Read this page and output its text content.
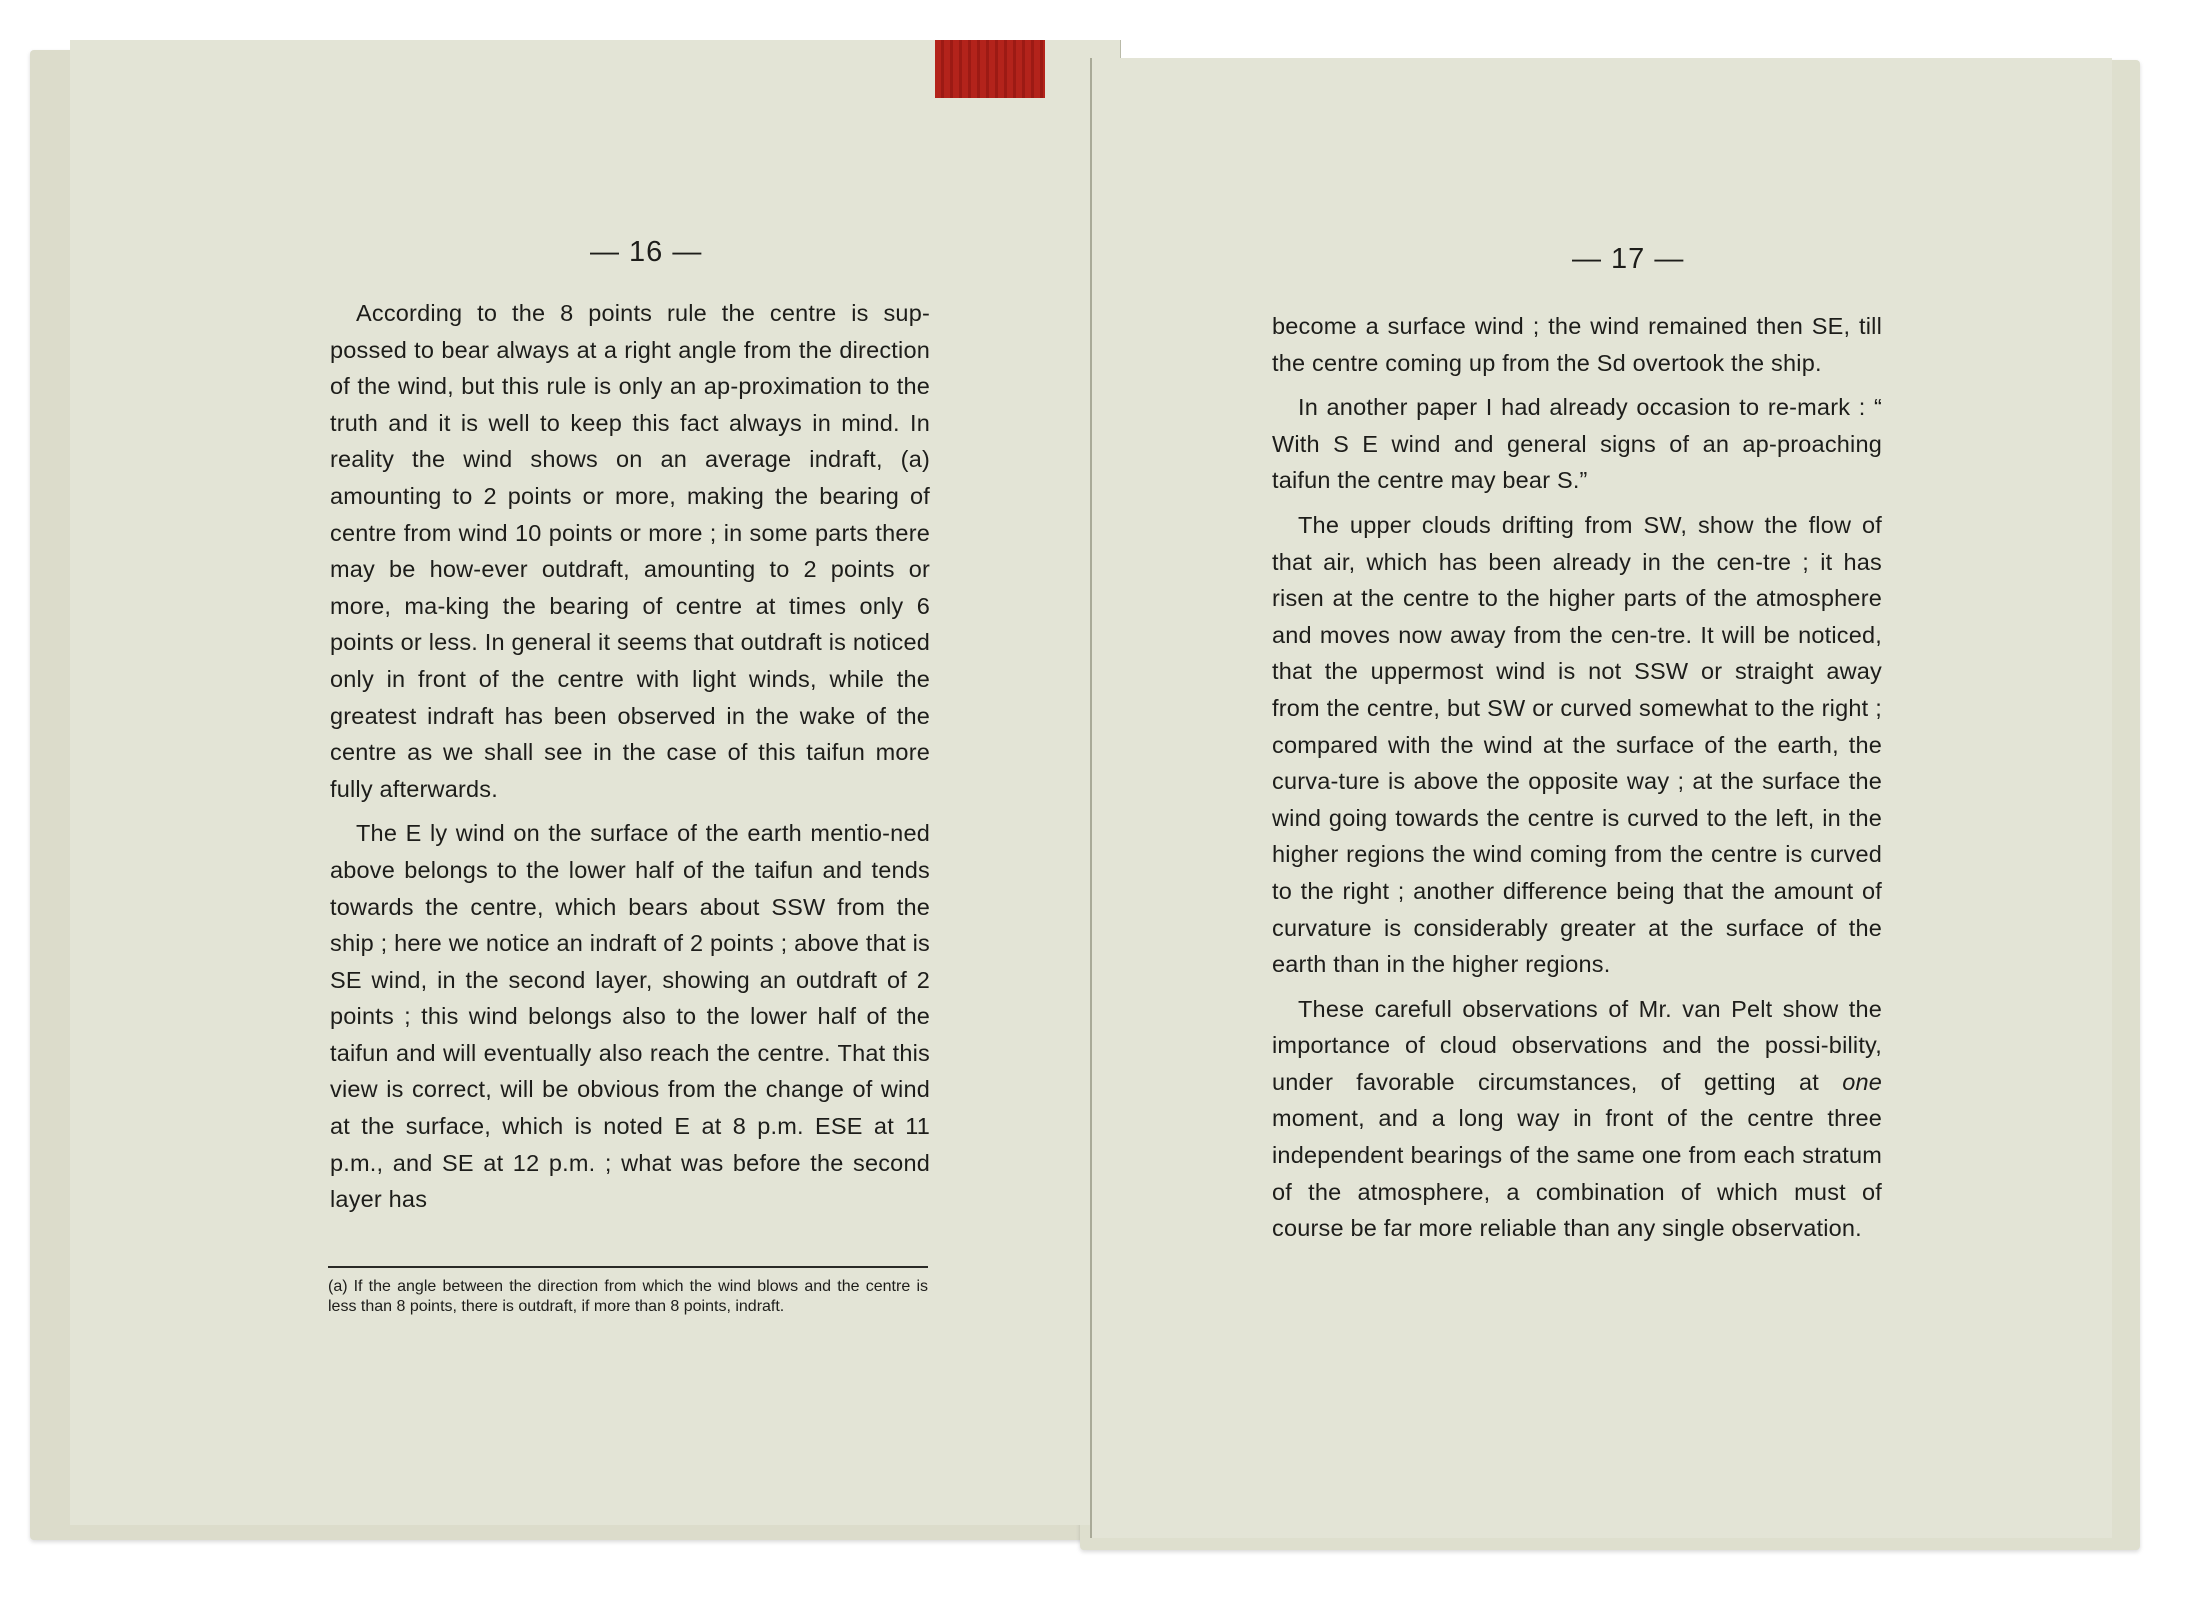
— 16 —

According to the 8 points rule the centre is sup-possed to bear always at a right angle from the direction of the wind, but this rule is only an ap-proximation to the truth and it is well to keep this fact always in mind. In reality the wind shows on an average indraft, (a) amounting to 2 points or more, making the bearing of centre from wind 10 points or more ; in some parts there may be how-ever outdraft, amounting to 2 points or more, ma-king the bearing of centre at times only 6 points or less. In general it seems that outdraft is noticed only in front of the centre with light winds, while the greatest indraft has been observed in the wake of the centre as we shall see in the case of this taifun more fully afterwards.

The E ly wind on the surface of the earth mentio-ned above belongs to the lower half of the taifun and tends towards the centre, which bears about SSW from the ship ; here we notice an indraft of 2 points ; above that is SE wind, in the second layer, showing an outdraft of 2 points ; this wind belongs also to the lower half of the taifun and will eventually also reach the centre. That this view is correct, will be obvious from the change of wind at the surface, which is noted E at 8 p.m. ESE at 11 p.m., and SE at 12 p.m. ; what was before the second layer has

(a) If the angle between the direction from which the wind blows and the centre is less than 8 points, there is outdraft, if more than 8 points, indraft.
— 17 —

become a surface wind ; the wind remained then SE, till the centre coming up from the Sd overtook the ship.

In another paper I had already occasion to re-mark : “ With S E wind and general signs of an ap-proaching taifun the centre may bear S.”

The upper clouds drifting from SW, show the flow of that air, which has been already in the cen-tre ; it has risen at the centre to the higher parts of the atmosphere and moves now away from the cen-tre. It will be noticed, that the uppermost wind is not SSW or straight away from the centre, but SW or curved somewhat to the right ; compared with the wind at the surface of the earth, the curva-ture is above the opposite way ; at the surface the wind going towards the centre is curved to the left, in the higher regions the wind coming from the centre is curved to the right ; another difference being that the amount of curvature is considerably greater at the surface of the earth than in the higher regions.

These carefull observations of Mr. van Pelt show the importance of cloud observations and the possi-bility, under favorable circumstances, of getting at one moment, and a long way in front of the centre three independent bearings of the same one from each stratum of the atmosphere, a combination of which must of course be far more reliable than any single observation.
